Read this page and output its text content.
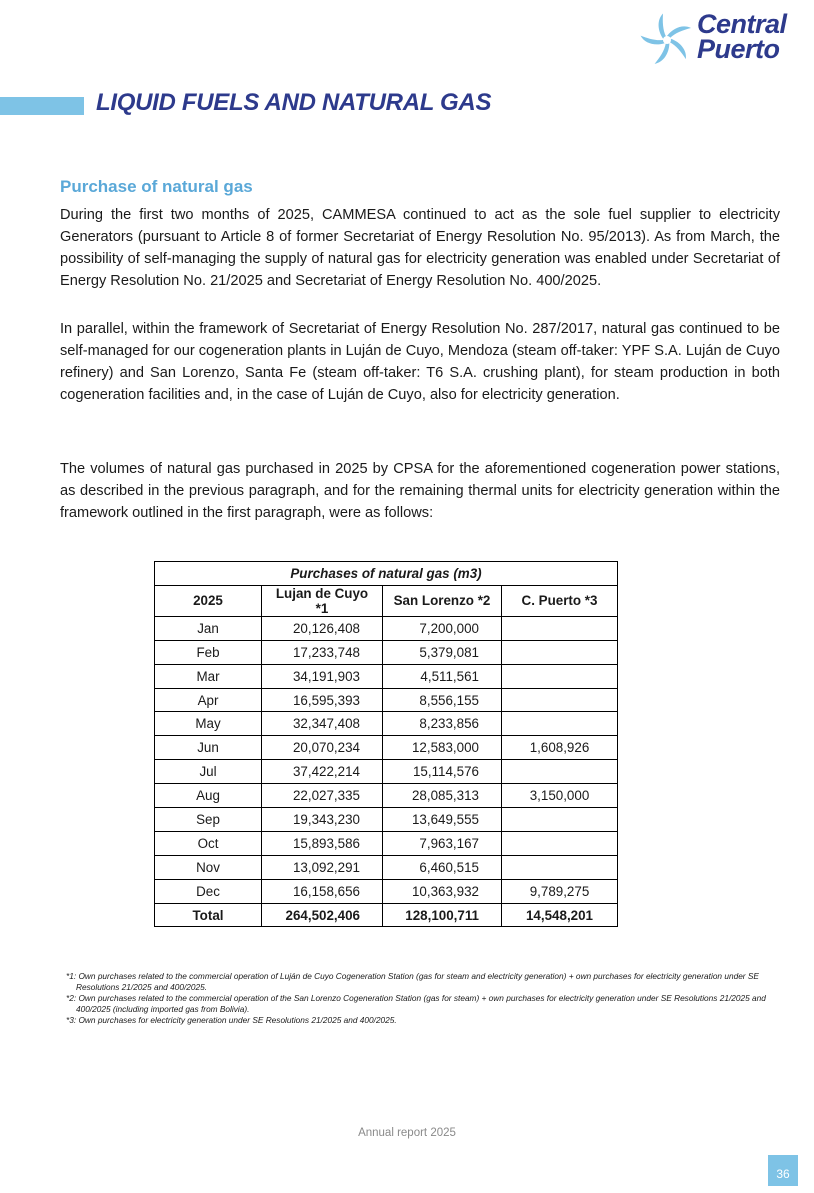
Central
Puerto
LIQUID FUELS AND NATURAL GAS
Purchase of natural gas

During the first two months of 2025, CAMMESA continued to act as the sole fuel supplier to electricity Generators (pursuant to Article 8 of former Secretariat of Energy Resolution No. 95/2013). As from March, the possibility of self-managing the supply of natural gas for electricity generation was enabled under Secretariat of Energy Resolution No. 21/2025 and Secretariat of Energy Resolution No. 400/2025.

In parallel, within the framework of Secretariat of Energy Resolution No. 287/2017, natural gas continued to be self-managed for our cogeneration plants in Luján de Cuyo, Mendoza (steam off-taker: YPF S.A. Luján de Cuyo refinery) and San Lorenzo, Santa Fe (steam off-taker: T6 S.A. crushing plant), for steam production in both cogeneration facilities and, in the case of Luján de Cuyo, also for electricity generation.

The volumes of natural gas purchased in 2025 by CPSA for the aforementioned cogeneration power stations, as described in the previous paragraph, and for the remaining thermal units for electricity generation within the framework outlined in the first paragraph, were as follows:

Purchases of natural gas (m3)			
2025	Lujan de Cuyo *1	San Lorenzo *2	C. Puerto *3
Jan	20,126,408	7,200,000	
Feb	17,233,748	5,379,081	
Mar	34,191,903	4,511,561	
Apr	16,595,393	8,556,155	
May	32,347,408	8,233,856	
Jun	20,070,234	12,583,000	1,608,926
Jul	37,422,214	15,114,576	
Aug	22,027,335	28,085,313	3,150,000
Sep	19,343,230	13,649,555	
Oct	15,893,586	7,963,167	
Nov	13,092,291	6,460,515	
Dec	16,158,656	10,363,932	9,789,275
Total	264,502,406	128,100,711	14,548,201
*1: Own purchases related to the commercial operation of Luján de Cuyo Cogeneration Station (gas for steam and electricity generation) + own purchases for electricity generation under SE Resolutions 21/2025 and 400/2025.
*2: Own purchases related to the commercial operation of the San Lorenzo Cogeneration Station (gas for steam) + own purchases for electricity generation under SE Resolutions 21/2025 and 400/2025 (including imported gas from Bolivia).
*3: Own purchases for electricity generation under SE Resolutions 21/2025 and 400/2025.
Annual report 2025
36
